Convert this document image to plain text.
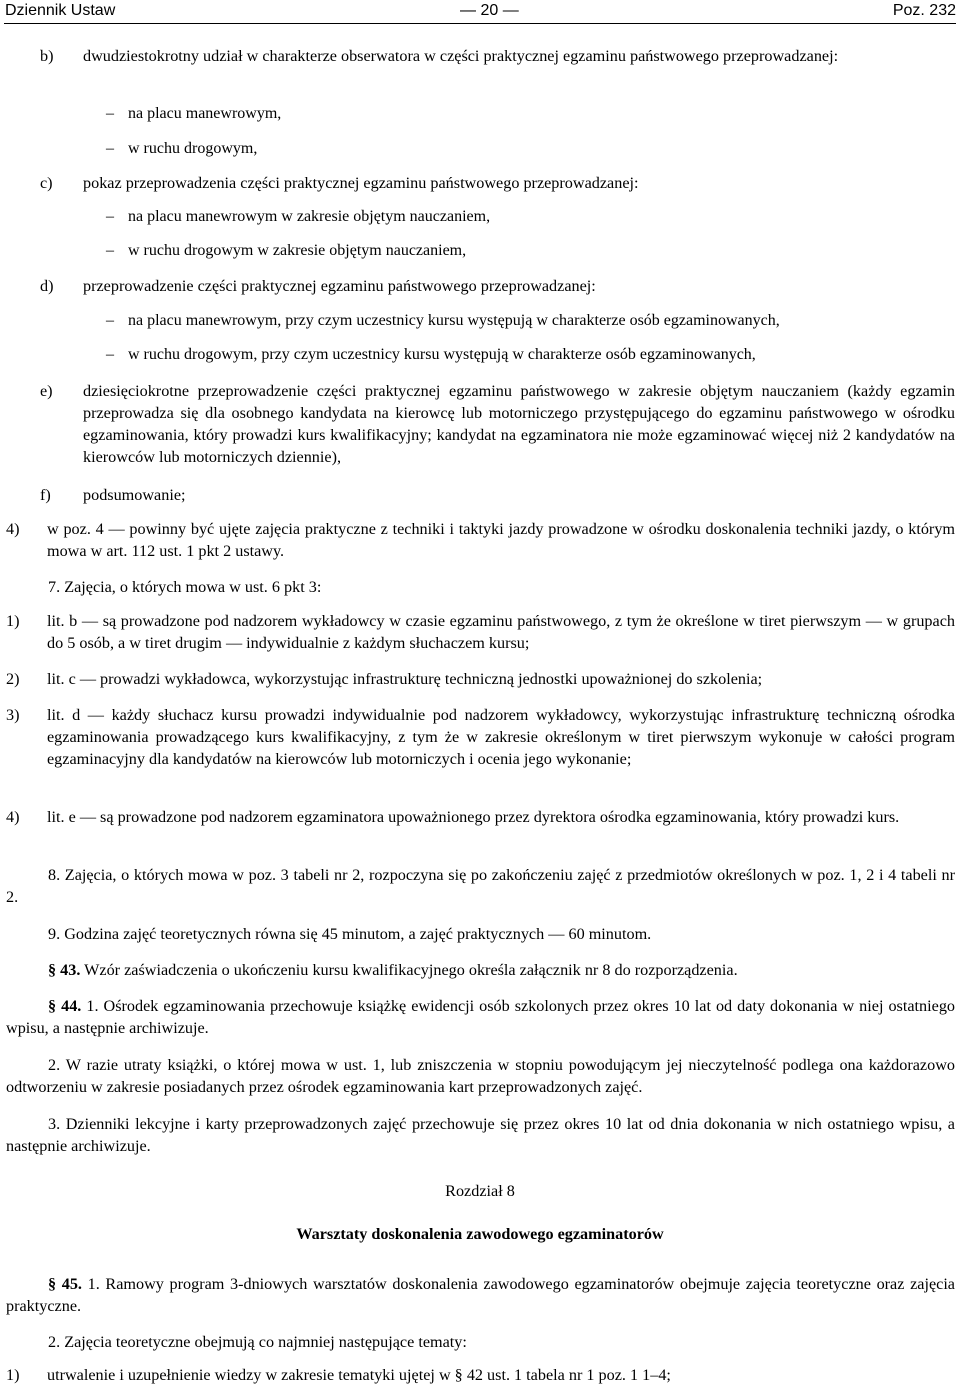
Dziennik Ustaw	— 20 —	Poz. 232
b)	dwudziestokrotny udział w charakterze obserwatora w części praktycznej egzaminu państwowego przeprowadzanej:
– na placu manewrowym,
– w ruchu drogowym,
c)	pokaz przeprowadzenia części praktycznej egzaminu państwowego przeprowadzanej:
– na placu manewrowym w zakresie objętym nauczaniem,
– w ruchu drogowym w zakresie objętym nauczaniem,
d)	przeprowadzenie części praktycznej egzaminu państwowego przeprowadzanej:
– na placu manewrowym, przy czym uczestnicy kursu występują w charakterze osób egzaminowanych,
– w ruchu drogowym, przy czym uczestnicy kursu występują w charakterze osób egzaminowanych,
e)	dziesięciokrotne przeprowadzenie części praktycznej egzaminu państwowego w zakresie objętym nauczaniem (każdy egzamin przeprowadza się dla osobnego kandydata na kierowcę lub motorniczego przystępującego do egzaminu państwowego w ośrodku egzaminowania, który prowadzi kurs kwalifikacyjny; kandydat na egzaminatora nie może egzaminować więcej niż 2 kandydatów na kierowców lub motorniczych dziennie),
f)	podsumowanie;
4)	w poz. 4 — powinny być ujęte zajęcia praktyczne z techniki i taktyki jazdy prowadzone w ośrodku doskonalenia techniki jazdy, o którym mowa w art. 112 ust. 1 pkt 2 ustawy.
7. Zajęcia, o których mowa w ust. 6 pkt 3:
1)	lit. b — są prowadzone pod nadzorem wykładowcy w czasie egzaminu państwowego, z tym że określone w tiret pierwszym — w grupach do 5 osób, a w tiret drugim — indywidualnie z każdym słuchaczem kursu;
2)	lit. c — prowadzi wykładowca, wykorzystując infrastrukturę techniczną jednostki upoważnionej do szkolenia;
3)	lit. d — każdy słuchacz kursu prowadzi indywidualnie pod nadzorem wykładowcy, wykorzystując infrastrukturę techniczną ośrodka egzaminowania prowadzącego kurs kwalifikacyjny, z tym że w zakresie określonym w tiret pierwszym wykonuje w całości program egzaminacyjny dla kandydatów na kierowców lub motorniczych i ocenia jego wykonanie;
4)	lit. e — są prowadzone pod nadzorem egzaminatora upoważnionego przez dyrektora ośrodka egzaminowania, który prowadzi kurs.
8. Zajęcia, o których mowa w poz. 3 tabeli nr 2, rozpoczyna się po zakończeniu zajęć z przedmiotów określonych w poz. 1, 2 i 4 tabeli nr 2.
9. Godzina zajęć teoretycznych równa się 45 minutom, a zajęć praktycznych — 60 minutom.
§ 43. Wzór zaświadczenia o ukończeniu kursu kwalifikacyjnego określa załącznik nr 8 do rozporządzenia.
§ 44. 1. Ośrodek egzaminowania przechowuje książkę ewidencji osób szkolonych przez okres 10 lat od daty dokonania w niej ostatniego wpisu, a następnie archiwizuje.
2. W razie utraty książki, o której mowa w ust. 1, lub zniszczenia w stopniu powodującym jej nieczytelność podlega ona każdorazowo odtworzeniu w zakresie posiadanych przez ośrodek egzaminowania kart przeprowadzonych zajęć.
3. Dzienniki lekcyjne i karty przeprowadzonych zajęć przechowuje się przez okres 10 lat od dnia dokonania w nich ostatniego wpisu, a następnie archiwizuje.
Rozdział 8
Warsztaty doskonalenia zawodowego egzaminatorów
§ 45. 1. Ramowy program 3-dniowych warsztatów doskonalenia zawodowego egzaminatorów obejmuje zajęcia teoretyczne oraz zajęcia praktyczne.
2. Zajęcia teoretyczne obejmują co najmniej następujące tematy:
1)	utrwalenie i uzupełnienie wiedzy w zakresie tematyki ujętej w § 42 ust. 1 tabela nr 1 poz. 1 1–4;
